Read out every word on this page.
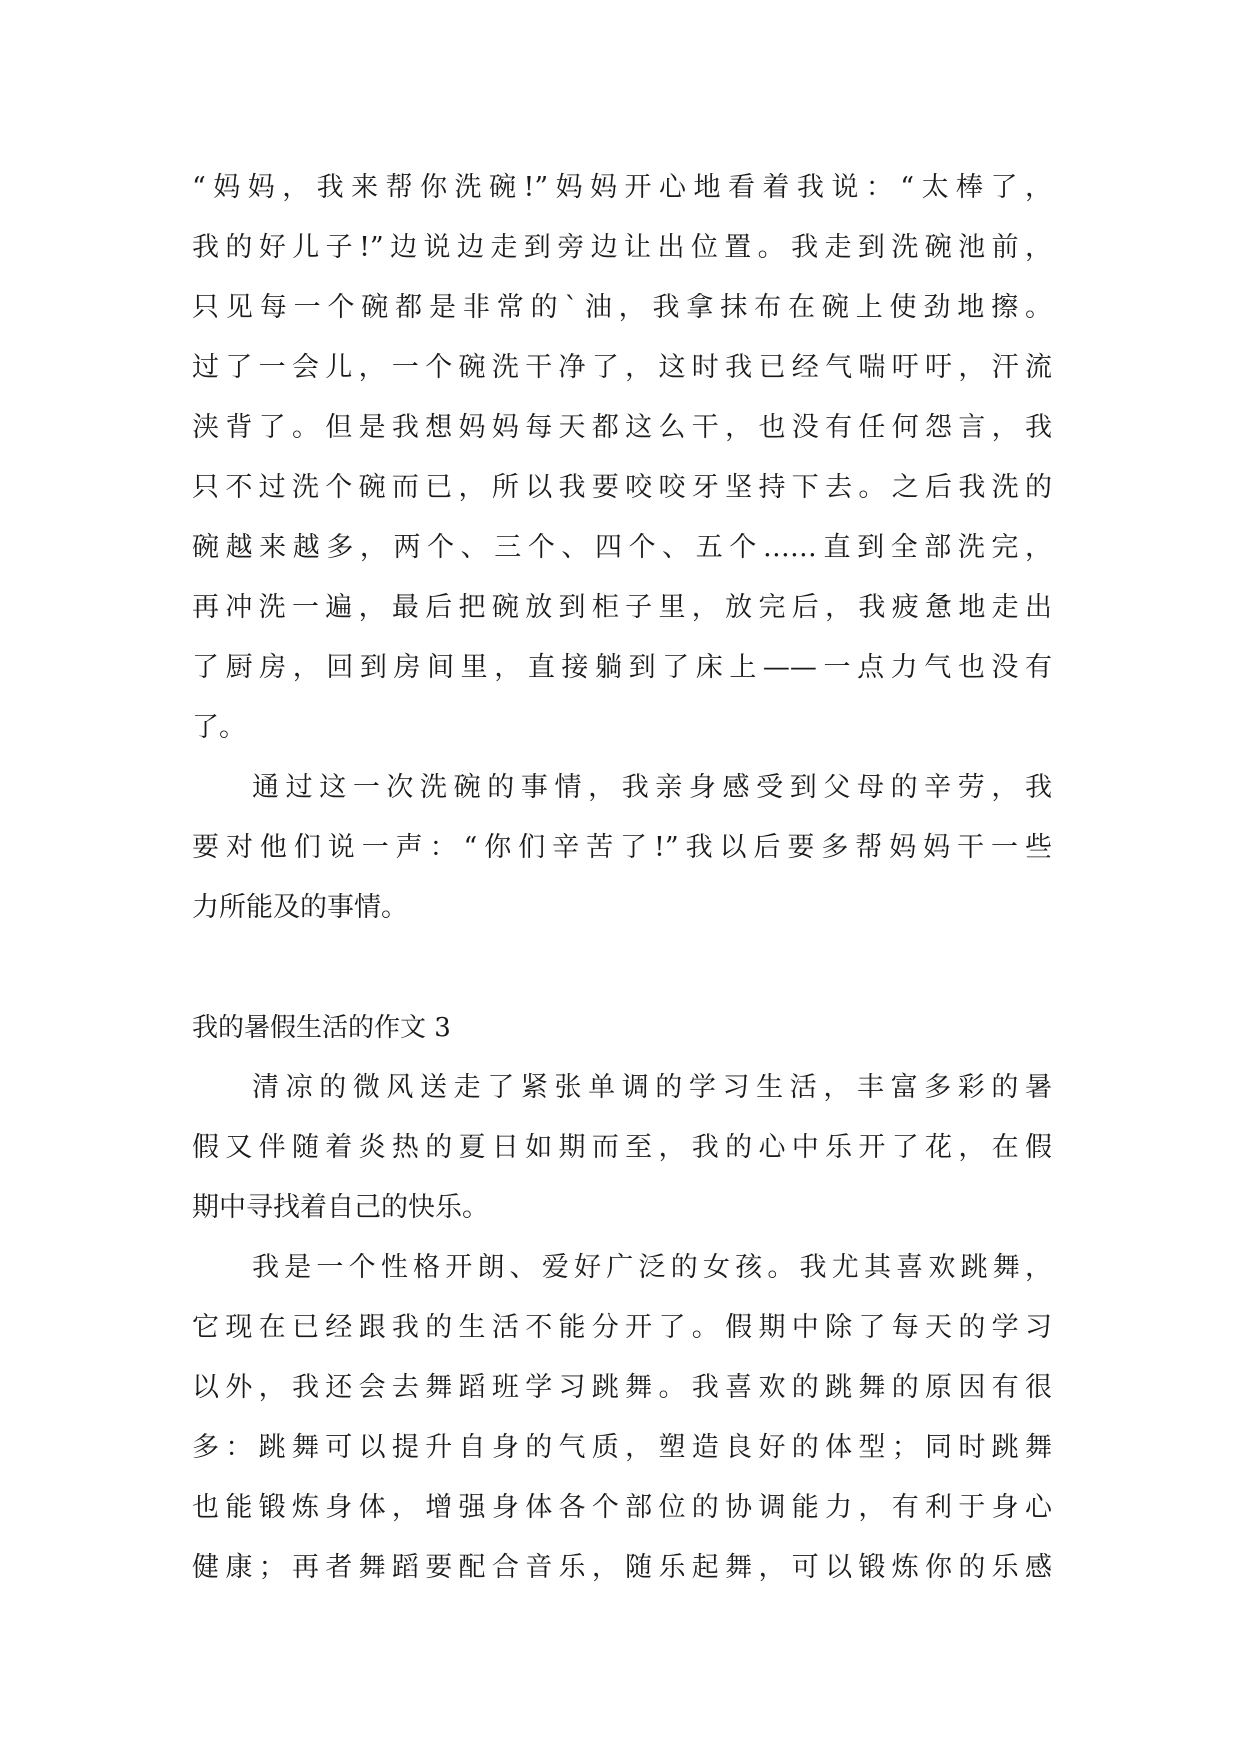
“妈妈，我来帮你洗碗!”妈妈开心地看着我说：“太棒了，
我的好儿子!”边说边走到旁边让出位置。我走到洗碗池前，
只见每一个碗都是非常的`油，我拿抹布在碗上使劲地擦。
过了一会儿，一个碗洗干净了，这时我已经气喘吁吁，汗流
浃背了。但是我想妈妈每天都这么干，也没有任何怨言，我
只不过洗个碗而已，所以我要咬咬牙坚持下去。之后我洗的
碗越来越多，两个、三个、四个、五个……直到全部洗完，
再冲洗一遍，最后把碗放到柜子里，放完后，我疲惫地走出
了厨房，回到房间里，直接躺到了床上——一点力气也没有
了。
通过这一次洗碗的事情，我亲身感受到父母的辛劳，我
要对他们说一声：“你们辛苦了!”我以后要多帮妈妈干一些
力所能及的事情。
我的暑假生活的作文 3
清凉的微风送走了紧张单调的学习生活，丰富多彩的暑
假又伴随着炎热的夏日如期而至，我的心中乐开了花，在假
期中寻找着自己的快乐。
我是一个性格开朗、爱好广泛的女孩。我尤其喜欢跳舞，
它现在已经跟我的生活不能分开了。假期中除了每天的学习
以外，我还会去舞蹈班学习跳舞。我喜欢的跳舞的原因有很
多：跳舞可以提升自身的气质，塑造良好的体型；同时跳舞
也能锻炼身体，增强身体各个部位的协调能力，有利于身心
健康；再者舞蹈要配合音乐，随乐起舞，可以锻炼你的乐感
